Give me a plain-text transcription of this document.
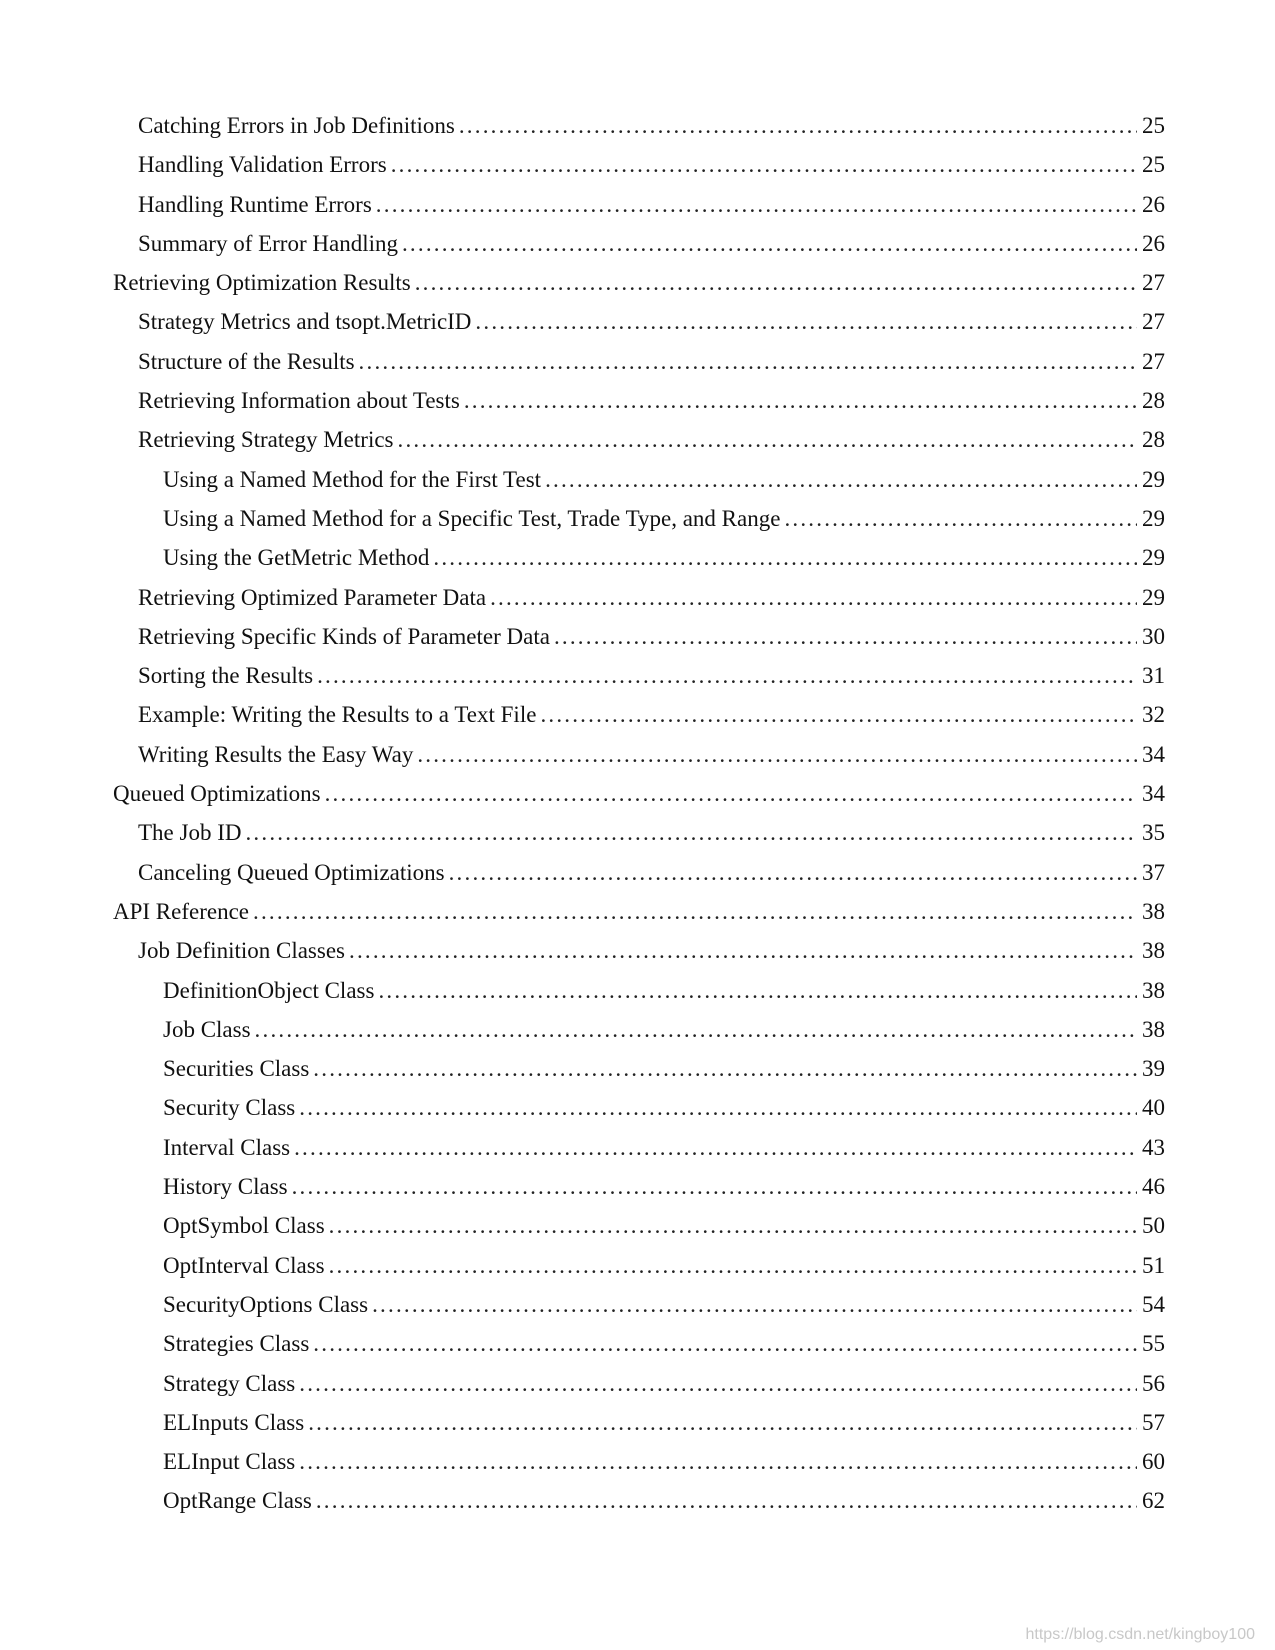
Catching Errors in Job Definitions .....	25
Handling Validation Errors .....	25
Handling Runtime Errors .....	26
Summary of Error Handling .....	26
Retrieving Optimization Results .....	27
Strategy Metrics and tsopt.MetricID .....	27
Structure of the Results .....	27
Retrieving Information about Tests .....	28
Retrieving Strategy Metrics .....	28
Using a Named Method for the First Test .....	29
Using a Named Method for a Specific Test, Trade Type, and Range .....	29
Using the GetMetric Method .....	29
Retrieving Optimized Parameter Data .....	29
Retrieving Specific Kinds of Parameter Data .....	30
Sorting the Results .....	31
Example: Writing the Results to a Text File .....	32
Writing Results the Easy Way .....	34
Queued Optimizations .....	34
The Job ID .....	35
Canceling Queued Optimizations .....	37
API Reference .....	38
Job Definition Classes .....	38
DefinitionObject Class .....	38
Job Class .....	38
Securities Class .....	39
Security Class .....	40
Interval Class .....	43
History Class .....	46
OptSymbol Class .....	50
OptInterval Class .....	51
SecurityOptions Class .....	54
Strategies Class .....	55
Strategy Class .....	56
ELInputs Class .....	57
ELInput Class .....	60
OptRange Class .....	62
https://blog.csdn.net/kingboy100
